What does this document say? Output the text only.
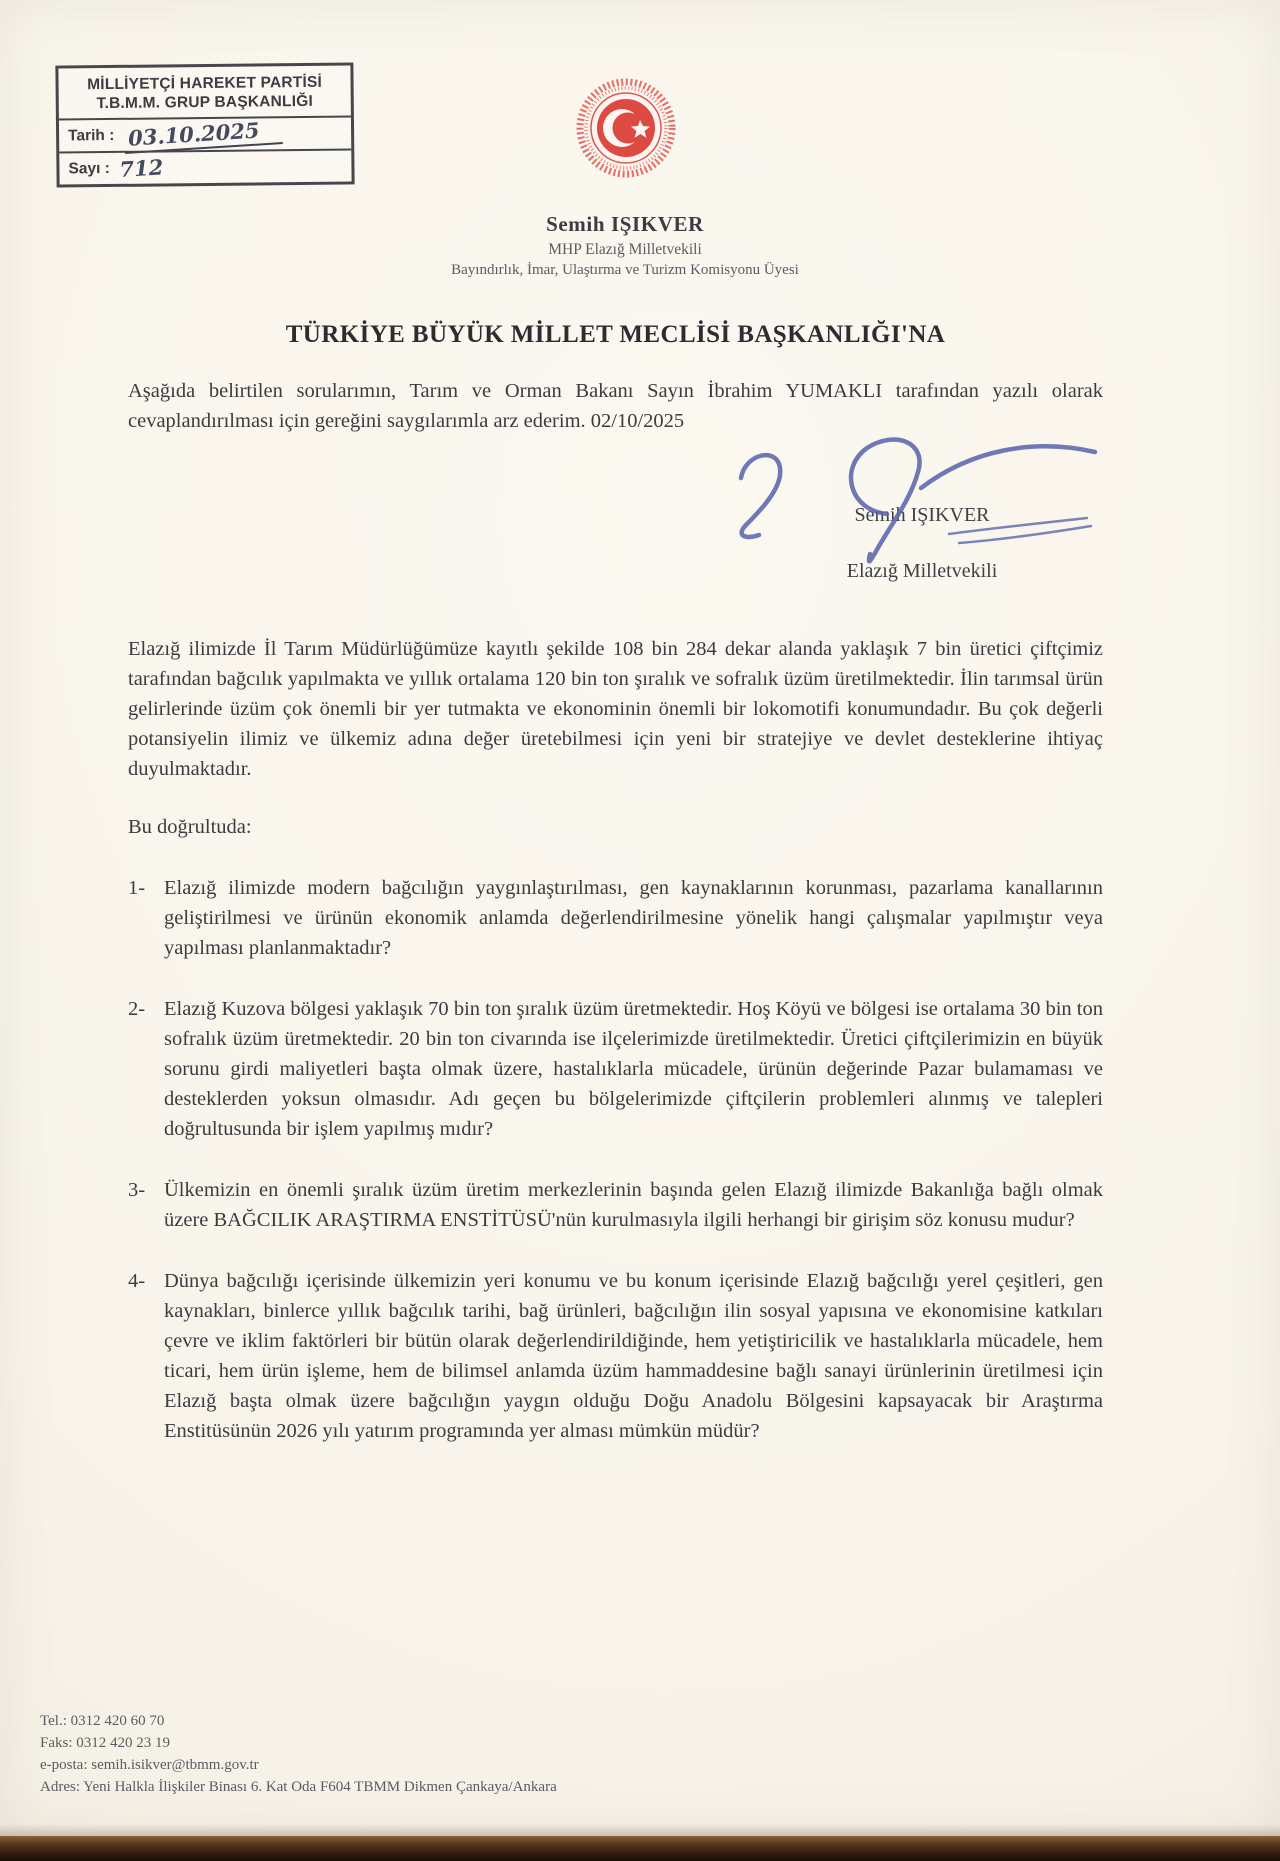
MİLLİYETÇİ HAREKET PARTİSİ
T.B.M.M. GRUP BAŞKANLIĞI
Tarih : 03.10.2025
Sayı : 712
Semih IŞIKVER
MHP Elazığ Milletvekili
Bayındırlık, İmar, Ulaştırma ve Turizm Komisyonu Üyesi
TÜRKİYE BÜYÜK MİLLET MECLİSİ BAŞKANLIĞI'NA

Aşağıda belirtilen sorularımın, Tarım ve Orman Bakanı Sayın İbrahim YUMAKLI tarafından yazılı olarak cevaplandırılması için gereğini saygılarımla arz ederim. 02/10/2025

Semih IŞIKVER
Elazığ Milletvekili

Elazığ ilimizde İl Tarım Müdürlüğümüze kayıtlı şekilde 108 bin 284 dekar alanda yaklaşık 7 bin üretici çiftçimiz tarafından bağcılık yapılmakta ve yıllık ortalama 120 bin ton şıralık ve sofralık üzüm üretilmektedir. İlin tarımsal ürün gelirlerinde üzüm çok önemli bir yer tutmakta ve ekonominin önemli bir lokomotifi konumundadır. Bu çok değerli potansiyelin ilimiz ve ülkemiz adına değer üretebilmesi için yeni bir stratejiye ve devlet desteklerine ihtiyaç duyulmaktadır.

Bu doğrultuda:

1- Elazığ ilimizde modern bağcılığın yaygınlaştırılması, gen kaynaklarının korunması, pazarlama kanallarının geliştirilmesi ve ürünün ekonomik anlamda değerlendirilmesine yönelik hangi çalışmalar yapılmıştır veya yapılması planlanmaktadır?
2- Elazığ Kuzova bölgesi yaklaşık 70 bin ton şıralık üzüm üretmektedir. Hoş Köyü ve bölgesi ise ortalama 30 bin ton sofralık üzüm üretmektedir. 20 bin ton civarında ise ilçelerimizde üretilmektedir. Üretici çiftçilerimizin en büyük sorunu girdi maliyetleri başta olmak üzere, hastalıklarla mücadele, ürünün değerinde Pazar bulamaması ve desteklerden yoksun olmasıdır. Adı geçen bu bölgelerimizde çiftçilerin problemleri alınmış ve talepleri doğrultusunda bir işlem yapılmış mıdır?
3- Ülkemizin en önemli şıralık üzüm üretim merkezlerinin başında gelen Elazığ ilimizde Bakanlığa bağlı olmak üzere BAĞCILIK ARAŞTIRMA ENSTİTÜSÜ'nün kurulmasıyla ilgili herhangi bir girişim söz konusu mudur?
4- Dünya bağcılığı içerisinde ülkemizin yeri konumu ve bu konum içerisinde Elazığ bağcılığı yerel çeşitleri, gen kaynakları, binlerce yıllık bağcılık tarihi, bağ ürünleri, bağcılığın ilin sosyal yapısına ve ekonomisine katkıları çevre ve iklim faktörleri bir bütün olarak değerlendirildiğinde, hem yetiştiricilik ve hastalıklarla mücadele, hem ticari, hem ürün işleme, hem de bilimsel anlamda üzüm hammaddesine bağlı sanayi ürünlerinin üretilmesi için Elazığ başta olmak üzere bağcılığın yaygın olduğu Doğu Anadolu Bölgesini kapsayacak bir Araştırma Enstitüsünün 2026 yılı yatırım programında yer alması mümkün müdür?
Tel.: 0312 420 60 70
Faks: 0312 420 23 19
e-posta: semih.isikver@tbmm.gov.tr
Adres: Yeni Halkla İlişkiler Binası 6. Kat Oda F604 TBMM Dikmen Çankaya/Ankara
